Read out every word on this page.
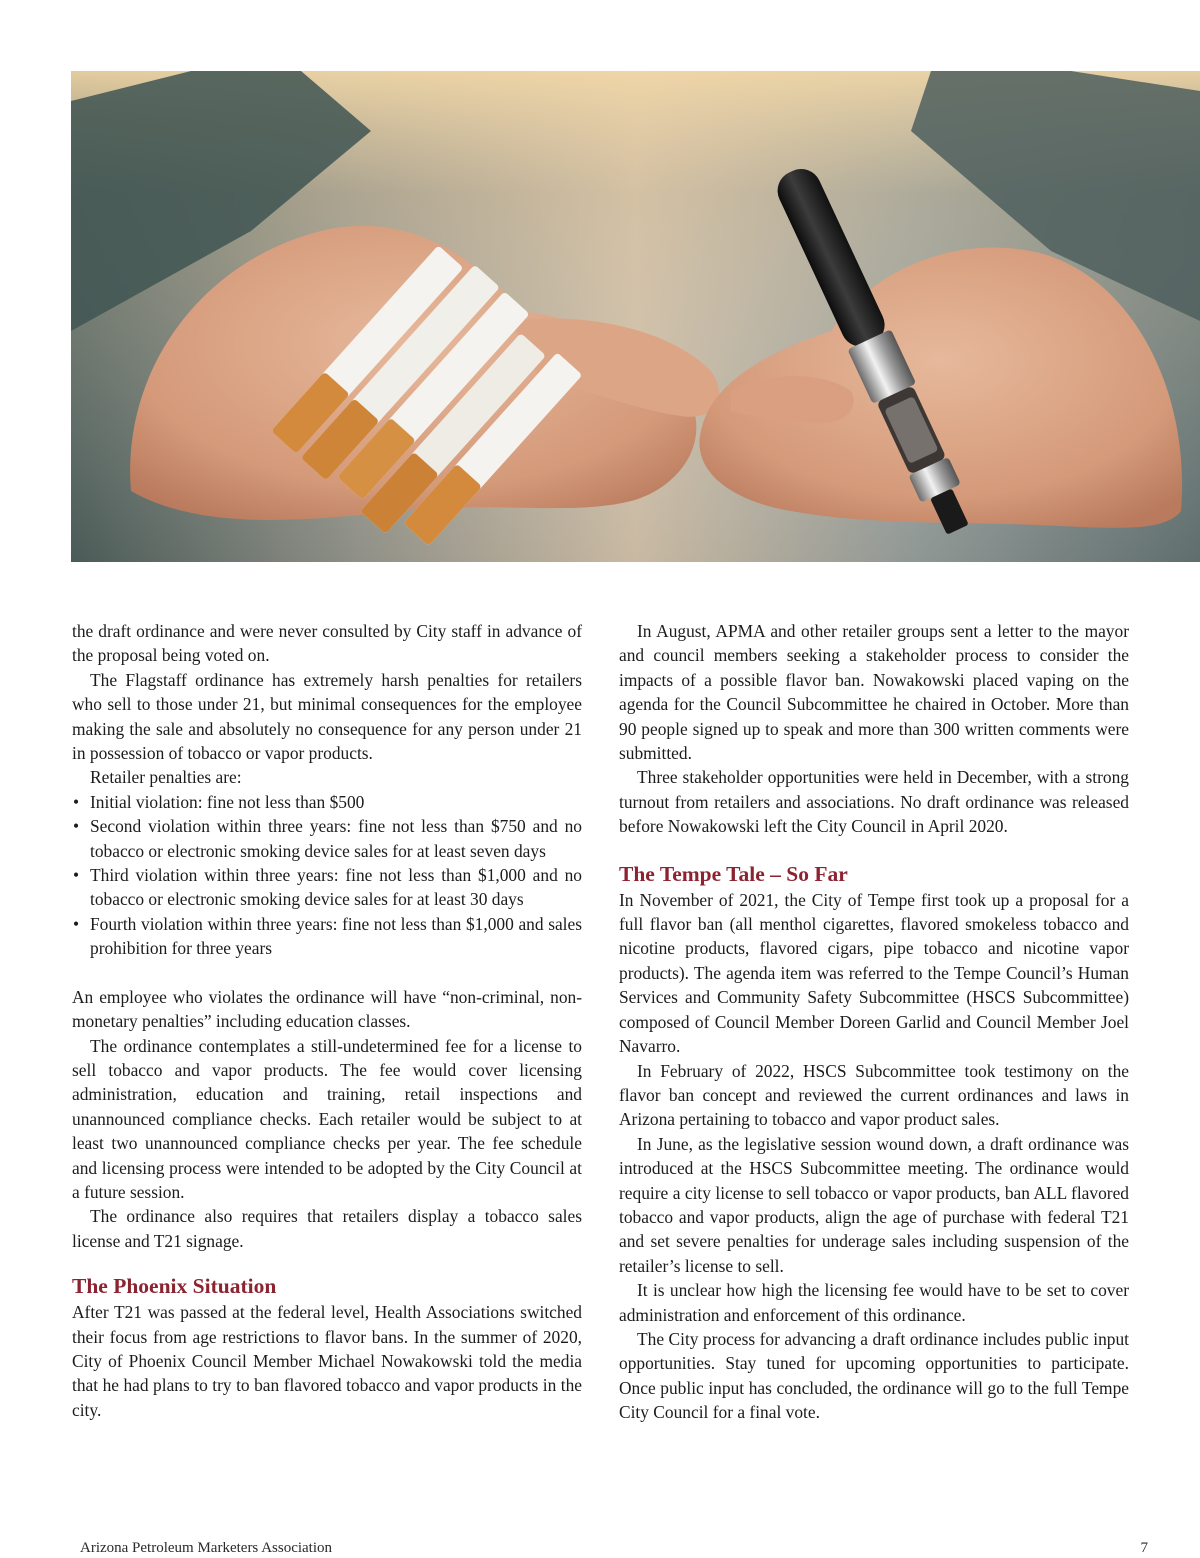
the draft ordinance and were never consulted by City staff in advance of the proposal being voted on.

The Flagstaff ordinance has extremely harsh penalties for retailers who sell to those under 21, but minimal consequences for the employee making the sale and absolutely no consequence for any person under 21 in possession of tobacco or vapor products.

Retailer penalties are:

• Initial violation: fine not less than $500
• Second violation within three years: fine not less than $750 and no tobacco or electronic smoking device sales for at least seven days
• Third violation within three years: fine not less than $1,000 and no tobacco or electronic smoking device sales for at least 30 days
• Fourth violation within three years: fine not less than $1,000 and sales prohibition for three years

An employee who violates the ordinance will have “non-criminal, non-monetary penalties” including education classes.

The ordinance contemplates a still-undetermined fee for a license to sell tobacco and vapor products. The fee would cover licensing administration, education and training, retail inspections and unannounced compliance checks. Each retailer would be subject to at least two unannounced compliance checks per year. The fee schedule and licensing process were intended to be adopted by the City Council at a future session.

The ordinance also requires that retailers display a tobacco sales license and T21 signage.

The Phoenix Situation

After T21 was passed at the federal level, Health Associations switched their focus from age restrictions to flavor bans. In the summer of 2020, City of Phoenix Council Member Michael Nowakowski told the media that he had plans to try to ban flavored tobacco and vapor products in the city.

In August, APMA and other retailer groups sent a letter to the mayor and council members seeking a stakeholder process to consider the impacts of a possible flavor ban. Nowakowski placed vaping on the agenda for the Council Subcommittee he chaired in October. More than 90 people signed up to speak and more than 300 written comments were submitted.

Three stakeholder opportunities were held in December, with a strong turnout from retailers and associations. No draft ordinance was released before Nowakowski left the City Council in April 2020.

The Tempe Tale – So Far

In November of 2021, the City of Tempe first took up a proposal for a full flavor ban (all menthol cigarettes, flavored smokeless tobacco and nicotine products, flavored cigars, pipe tobacco and nicotine vapor products). The agenda item was referred to the Tempe Council’s Human Services and Community Safety Subcommittee (HSCS Subcommittee) composed of Council Member Doreen Garlid and Council Member Joel Navarro.

In February of 2022, HSCS Subcommittee took testimony on the flavor ban concept and reviewed the current ordinances and laws in Arizona pertaining to tobacco and vapor product sales.

In June, as the legislative session wound down, a draft ordinance was introduced at the HSCS Subcommittee meeting. The ordinance would require a city license to sell tobacco or vapor products, ban ALL flavored tobacco and vapor products, align the age of purchase with federal T21 and set severe penalties for underage sales including suspension of the retailer’s license to sell.

It is unclear how high the licensing fee would have to be set to cover administration and enforcement of this ordinance.

The City process for advancing a draft ordinance includes public input opportunities. Stay tuned for upcoming opportunities to participate. Once public input has concluded, the ordinance will go to the full Tempe City Council for a final vote.

Arizona Petroleum Marketers Association	7
